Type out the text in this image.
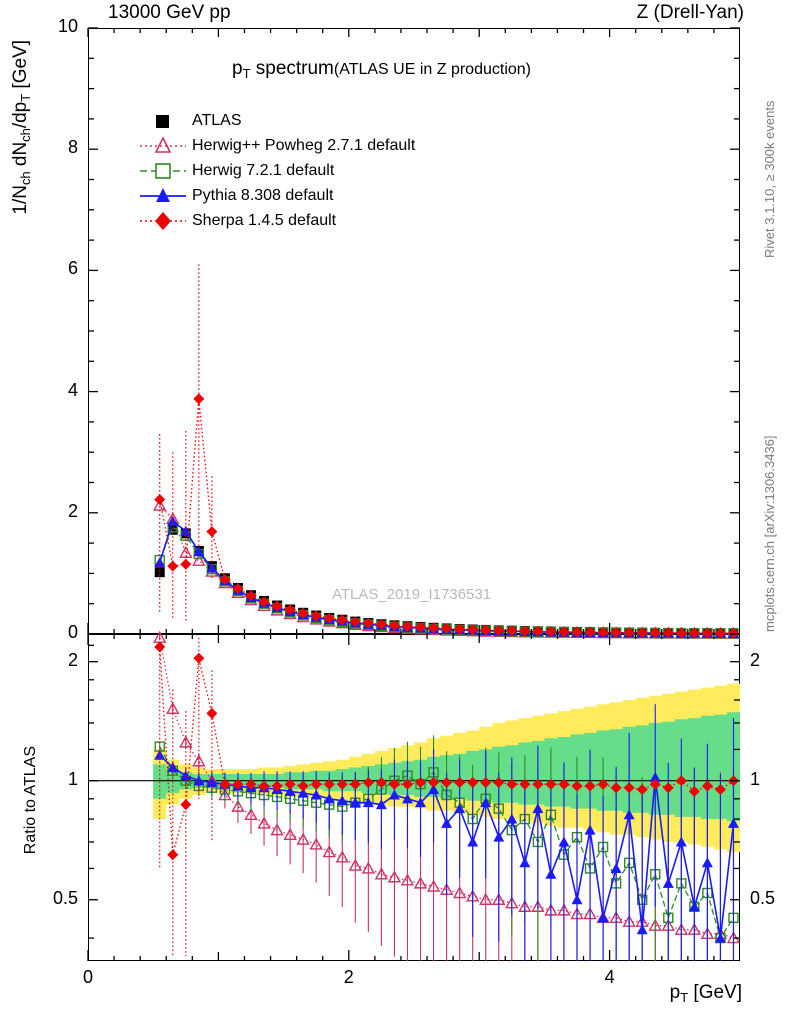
13000 GeV pp	Z (Drell-Yan)
$1/N_{ch}$ $dN_{ch}/dp_T$ [GeV]
Ratio to ATLAS
$p_T$ [GeV]
Rivet 3.1.10, ≥ 300k events
mcplots.cern.ch [arXiv:1306.3436]
$p_T$ spectrum(ATLAS UE in Z production)
ATLAS_2019_I1736531
ATLAS
Herwig++ Powheg 2.7.1 default
Herwig 7.2.1 default
Pythia 8.308 default
Sherpa 1.4.5 default
0
2
4
6
8
10
0.5	0.5
1	1
2	2
0	2	4
